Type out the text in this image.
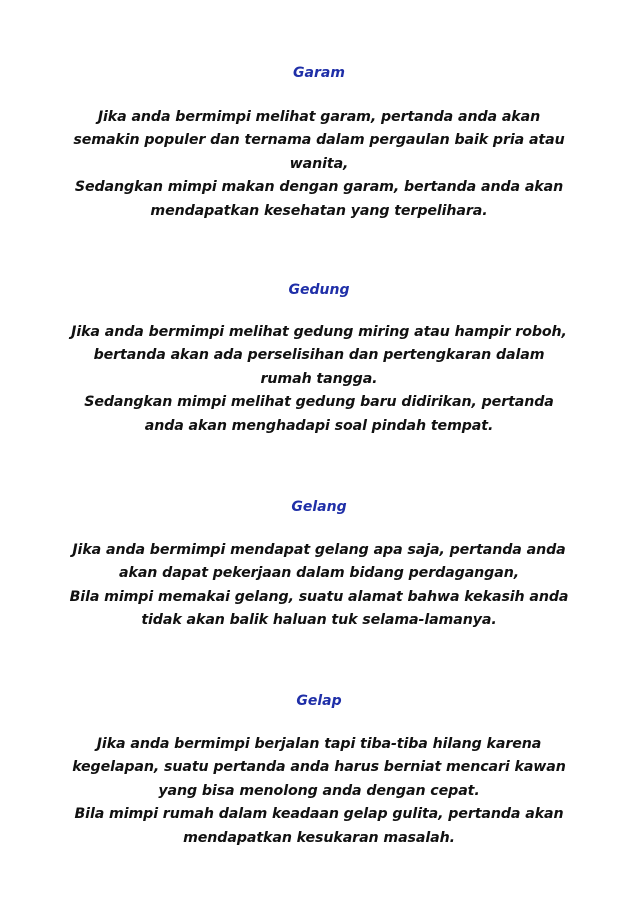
Garam
Jika anda bermimpi melihat garam, pertanda anda akan
semakin populer dan ternama dalam pergaulan baik pria atau
wanita,
Sedangkan mimpi makan dengan garam, bertanda anda akan
mendapatkan kesehatan yang terpelihara.
Gedung
Jika anda bermimpi melihat gedung miring atau hampir roboh,
bertanda akan ada perselisihan dan pertengkaran dalam
rumah tangga.
Sedangkan mimpi melihat gedung baru didirikan, pertanda
anda akan menghadapi soal pindah tempat.
Gelang
Jika anda bermimpi mendapat gelang apa saja, pertanda anda
akan dapat pekerjaan dalam bidang perdagangan,
Bila mimpi memakai gelang, suatu alamat bahwa kekasih anda
tidak akan balik haluan tuk selama-lamanya.
Gelap
Jika anda bermimpi berjalan tapi tiba-tiba hilang karena
kegelapan, suatu pertanda anda harus berniat mencari kawan
yang bisa menolong anda dengan cepat.
Bila mimpi rumah dalam keadaan gelap gulita, pertanda akan
mendapatkan kesukaran masalah.
